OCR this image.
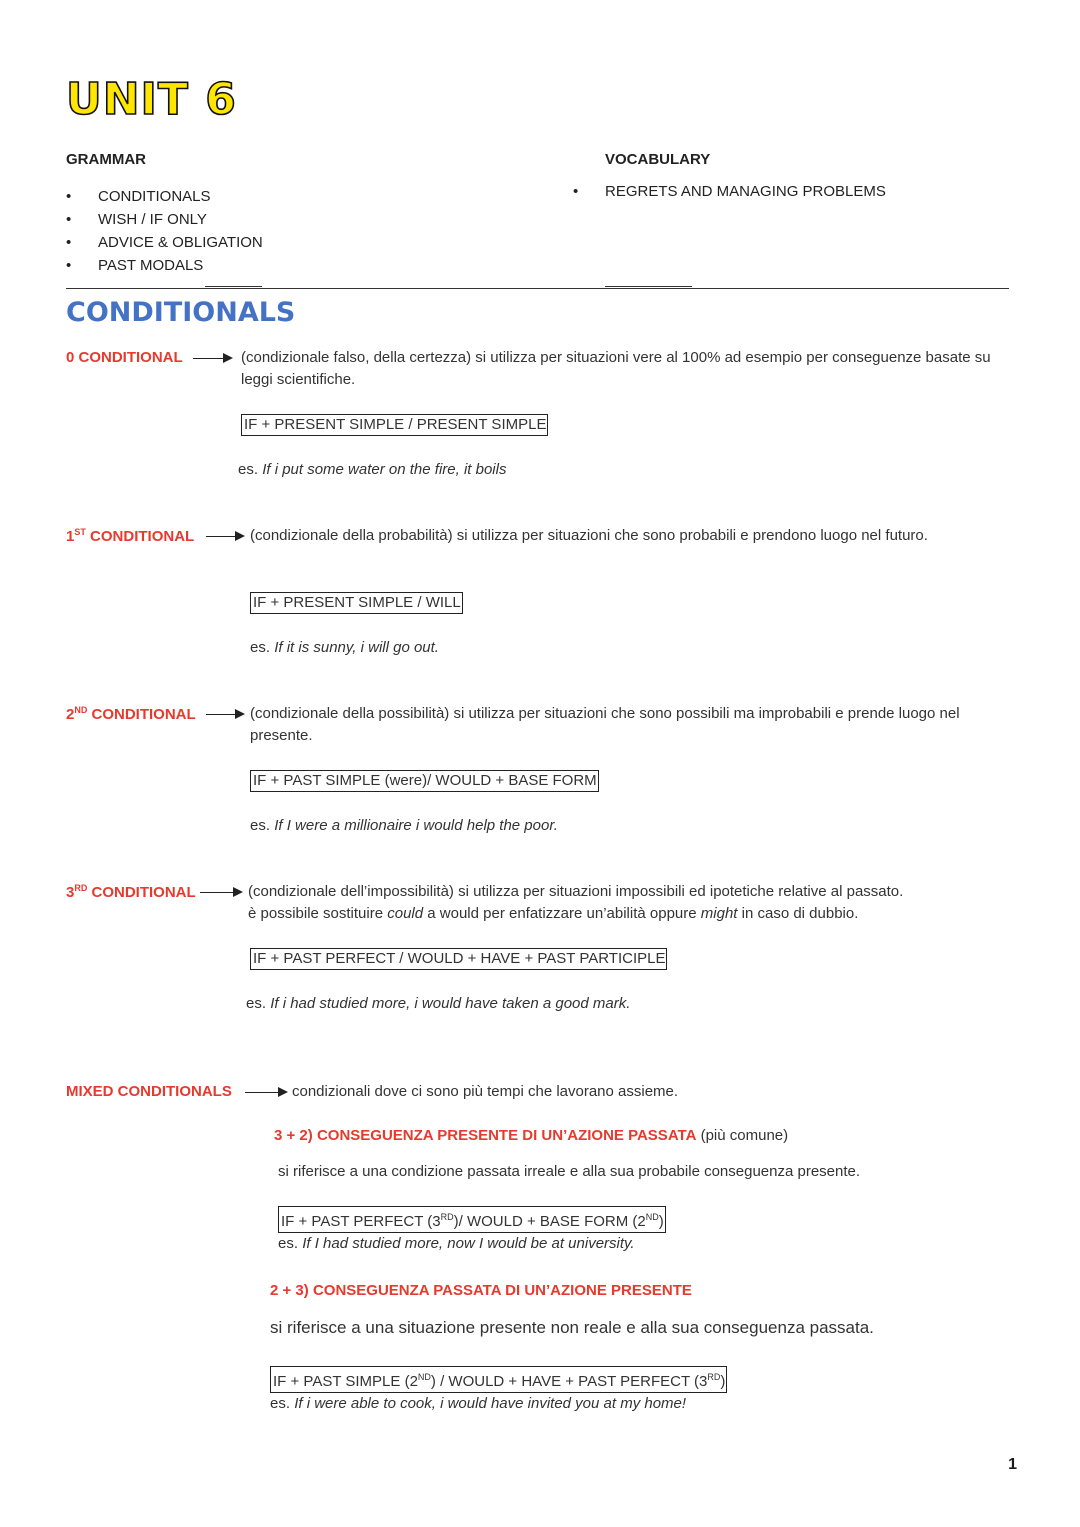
UNIT 6
GRAMMAR
• CONDITIONALS
• WISH / IF ONLY
• ADVICE & OBLIGATION
• PAST MODALS
VOCABULARY
• REGRETS AND MANAGING PROBLEMS
CONDITIONALS
0 CONDITIONAL	(condizionale falso, della certezza) si utilizza per situazioni vere al 100% ad esempio per conseguenze basate su leggi scientifiche.
IF + PRESENT SIMPLE / PRESENT SIMPLE
es. If i put some water on the fire, it boils
1ST CONDITIONAL	(condizionale della probabilità) si utilizza per situazioni che sono probabili e prendono luogo nel futuro.
IF + PRESENT SIMPLE / WILL
es. If it is sunny, i will go out.
2ND CONDITIONAL	(condizionale della possibilità) si utilizza per situazioni che sono possibili ma improbabili e prende luogo nel presente.
IF + PAST SIMPLE (were)/ WOULD + BASE FORM
es. If I were a millionaire i would help the poor.
3RD CONDITIONAL	(condizionale dell’impossibilità) si utilizza per situazioni impossibili ed ipotetiche relative al passato.
è possibile sostituire could a would per enfatizzare un’abilità oppure might in caso di dubbio.
IF + PAST PERFECT / WOULD + HAVE + PAST PARTICIPLE
es. If i had studied more, i would have taken a good mark.
MIXED CONDITIONALS	condizionali dove ci sono più tempi che lavorano assieme.
3 + 2) CONSEGUENZA PRESENTE DI UN’AZIONE PASSATA (più comune)
si riferisce a una condizione passata irreale e alla sua probabile conseguenza presente.
IF + PAST PERFECT (3RD)/ WOULD + BASE FORM (2ND)
es. If I had studied more, now I would be at university.
2 + 3) CONSEGUENZA PASSATA DI UN’AZIONE PRESENTE
si riferisce a una situazione presente non reale e alla sua conseguenza passata.
IF + PAST SIMPLE (2ND) / WOULD + HAVE + PAST PERFECT (3RD)
es. If i were able to cook, i would have invited you at my home!
1
